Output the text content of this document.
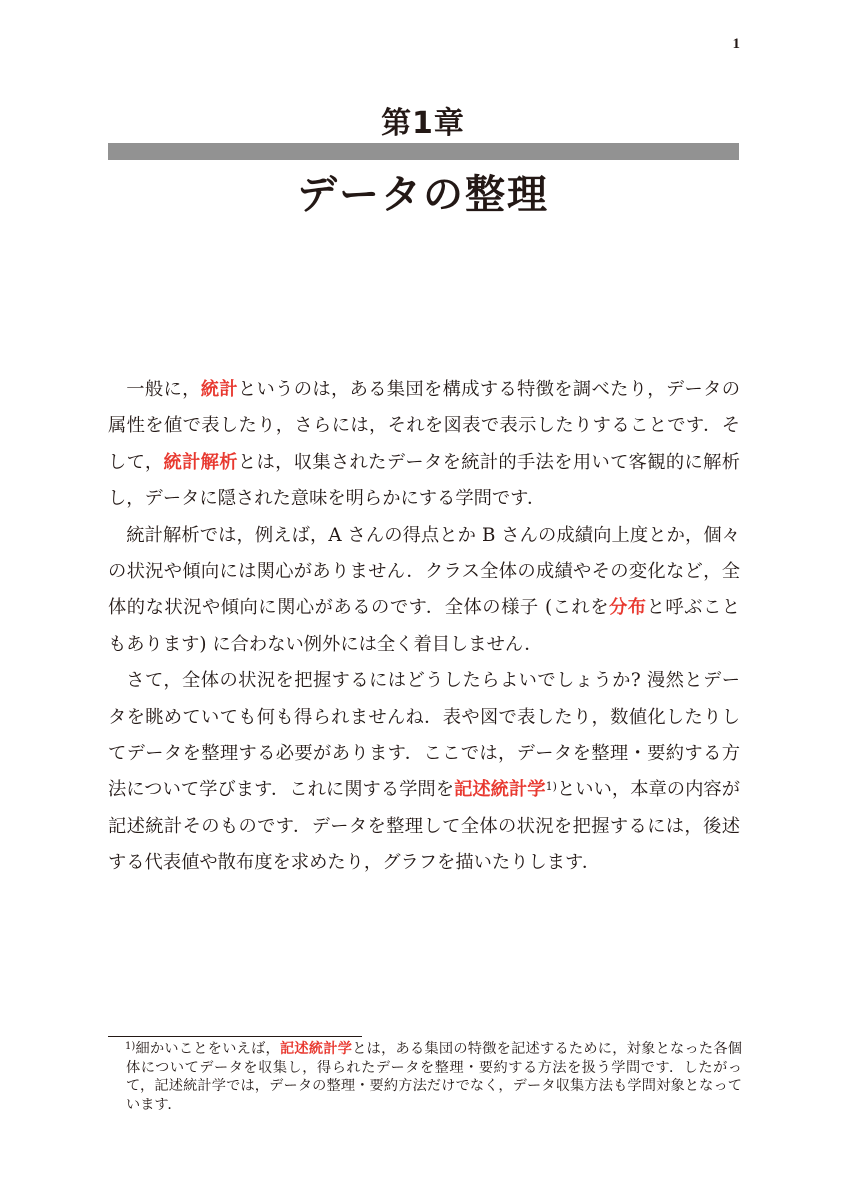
1
第1章
データの整理

一般に，統計というのは，ある集団を構成する特徴を調べたり，データの属性を値で表したり，さらには，それを図表で表示したりすることです．そして，統計解析とは，収集されたデータを統計的手法を用いて客観的に解析し，データに隠された意味を明らかにする学問です．

統計解析では，例えば，A さんの得点とか B さんの成績向上度とか，個々の状況や傾向には関心がありません．クラス全体の成績やその変化など，全体的な状況や傾向に関心があるのです．全体の様子 (これを分布と呼ぶこともあります) に合わない例外には全く着目しません．

さて，全体の状況を把握するにはどうしたらよいでしょうか? 漫然とデータを眺めていても何も得られませんね．表や図で表したり，数値化したりしてデータを整理する必要があります．ここでは，データを整理・要約する方法について学びます．これに関する学問を記述統計学$^{1)}$といい，本章の内容が記述統計そのものです．データを整理して全体の状況を把握するには，後述する代表値や散布度を求めたり，グラフを描いたりします．

$^{1)}$細かいことをいえば，記述統計学とは，ある集団の特徴を記述するために，対象となった各個体についてデータを収集し，得られたデータを整理・要約する方法を扱う学問です．したがって，記述統計学では，データの整理・要約方法だけでなく，データ収集方法も学問対象となっています．
